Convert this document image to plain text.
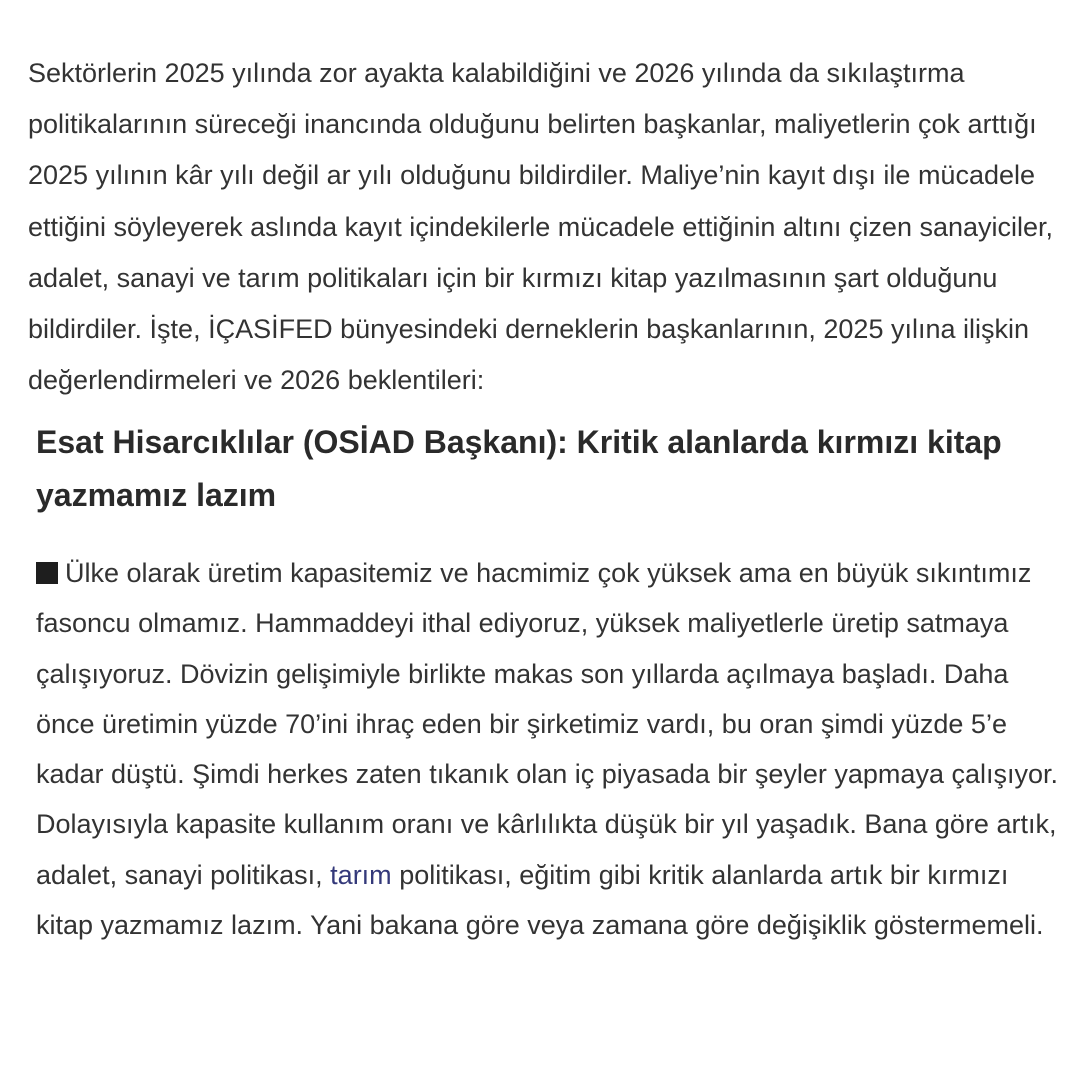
Sektörlerin 2025 yılında zor ayakta kalabildiğini ve 2026 yılında da sıkılaştırma politikalarının süreceği inancında olduğunu belirten başkanlar, maliyetlerin çok arttığı 2025 yılının kâr yılı değil ar yılı olduğunu bildirdiler. Maliye’nin kayıt dışı ile mücadele ettiğini söyleyerek aslında kayıt içindekilerle mücadele ettiğinin altını çizen sanayiciler, adalet, sanayi ve tarım politikaları için bir kırmızı kitap yazılmasının şart olduğunu bildirdiler. İşte, İÇASİFED bünyesindeki derneklerin başkanlarının, 2025 yılına ilişkin değerlendirmeleri ve 2026 beklentileri:

Esat Hisarcıklılar (OSİAD Başkanı): Kritik alanlarda kırmızı kitap yazmamız lazım

Ülke olarak üretim kapasitemiz ve hacmimiz çok yüksek ama en büyük sıkıntımız fasoncu olmamız. Hammaddeyi ithal ediyoruz, yüksek maliyetlerle üretip satmaya çalışıyoruz. Dövizin gelişimiyle birlikte makas son yıllarda açılmaya başladı. Daha önce üretimin yüzde 70’ini ihraç eden bir şirketimiz vardı, bu oran şimdi yüzde 5’e kadar düştü. Şimdi herkes zaten tıkanık olan iç piyasada bir şeyler yapmaya çalışıyor. Dolayısıyla kapasite kullanım oranı ve kârlılıkta düşük bir yıl yaşadık. Bana göre artık, adalet, sanayi politikası, tarım politikası, eğitim gibi kritik alanlarda artık bir kırmızı kitap yazmamız lazım. Yani bakana göre veya zamana göre değişiklik göstermemeli.
